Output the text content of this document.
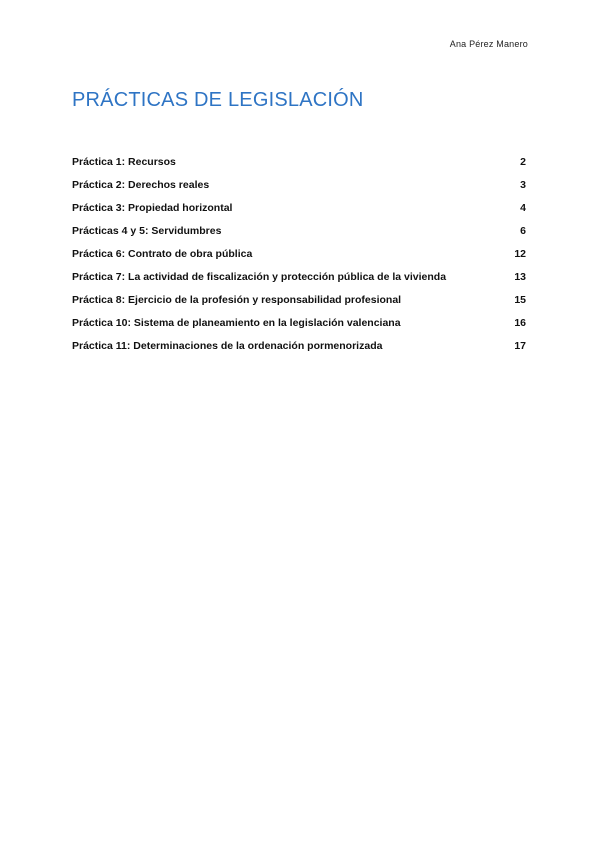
Ana Pérez Manero
PRÁCTICAS DE LEGISLACIÓN
Práctica 1: Recursos	2
Práctica 2: Derechos reales	3
Práctica 3: Propiedad horizontal	4
Prácticas 4 y 5: Servidumbres	6
Práctica 6: Contrato de obra pública	12
Práctica 7: La actividad de fiscalización y protección pública de la vivienda	13
Práctica 8: Ejercicio de la profesión y responsabilidad profesional	15
Práctica 10: Sistema de planeamiento en la legislación valenciana	16
Práctica 11: Determinaciones de la ordenación pormenorizada	17
